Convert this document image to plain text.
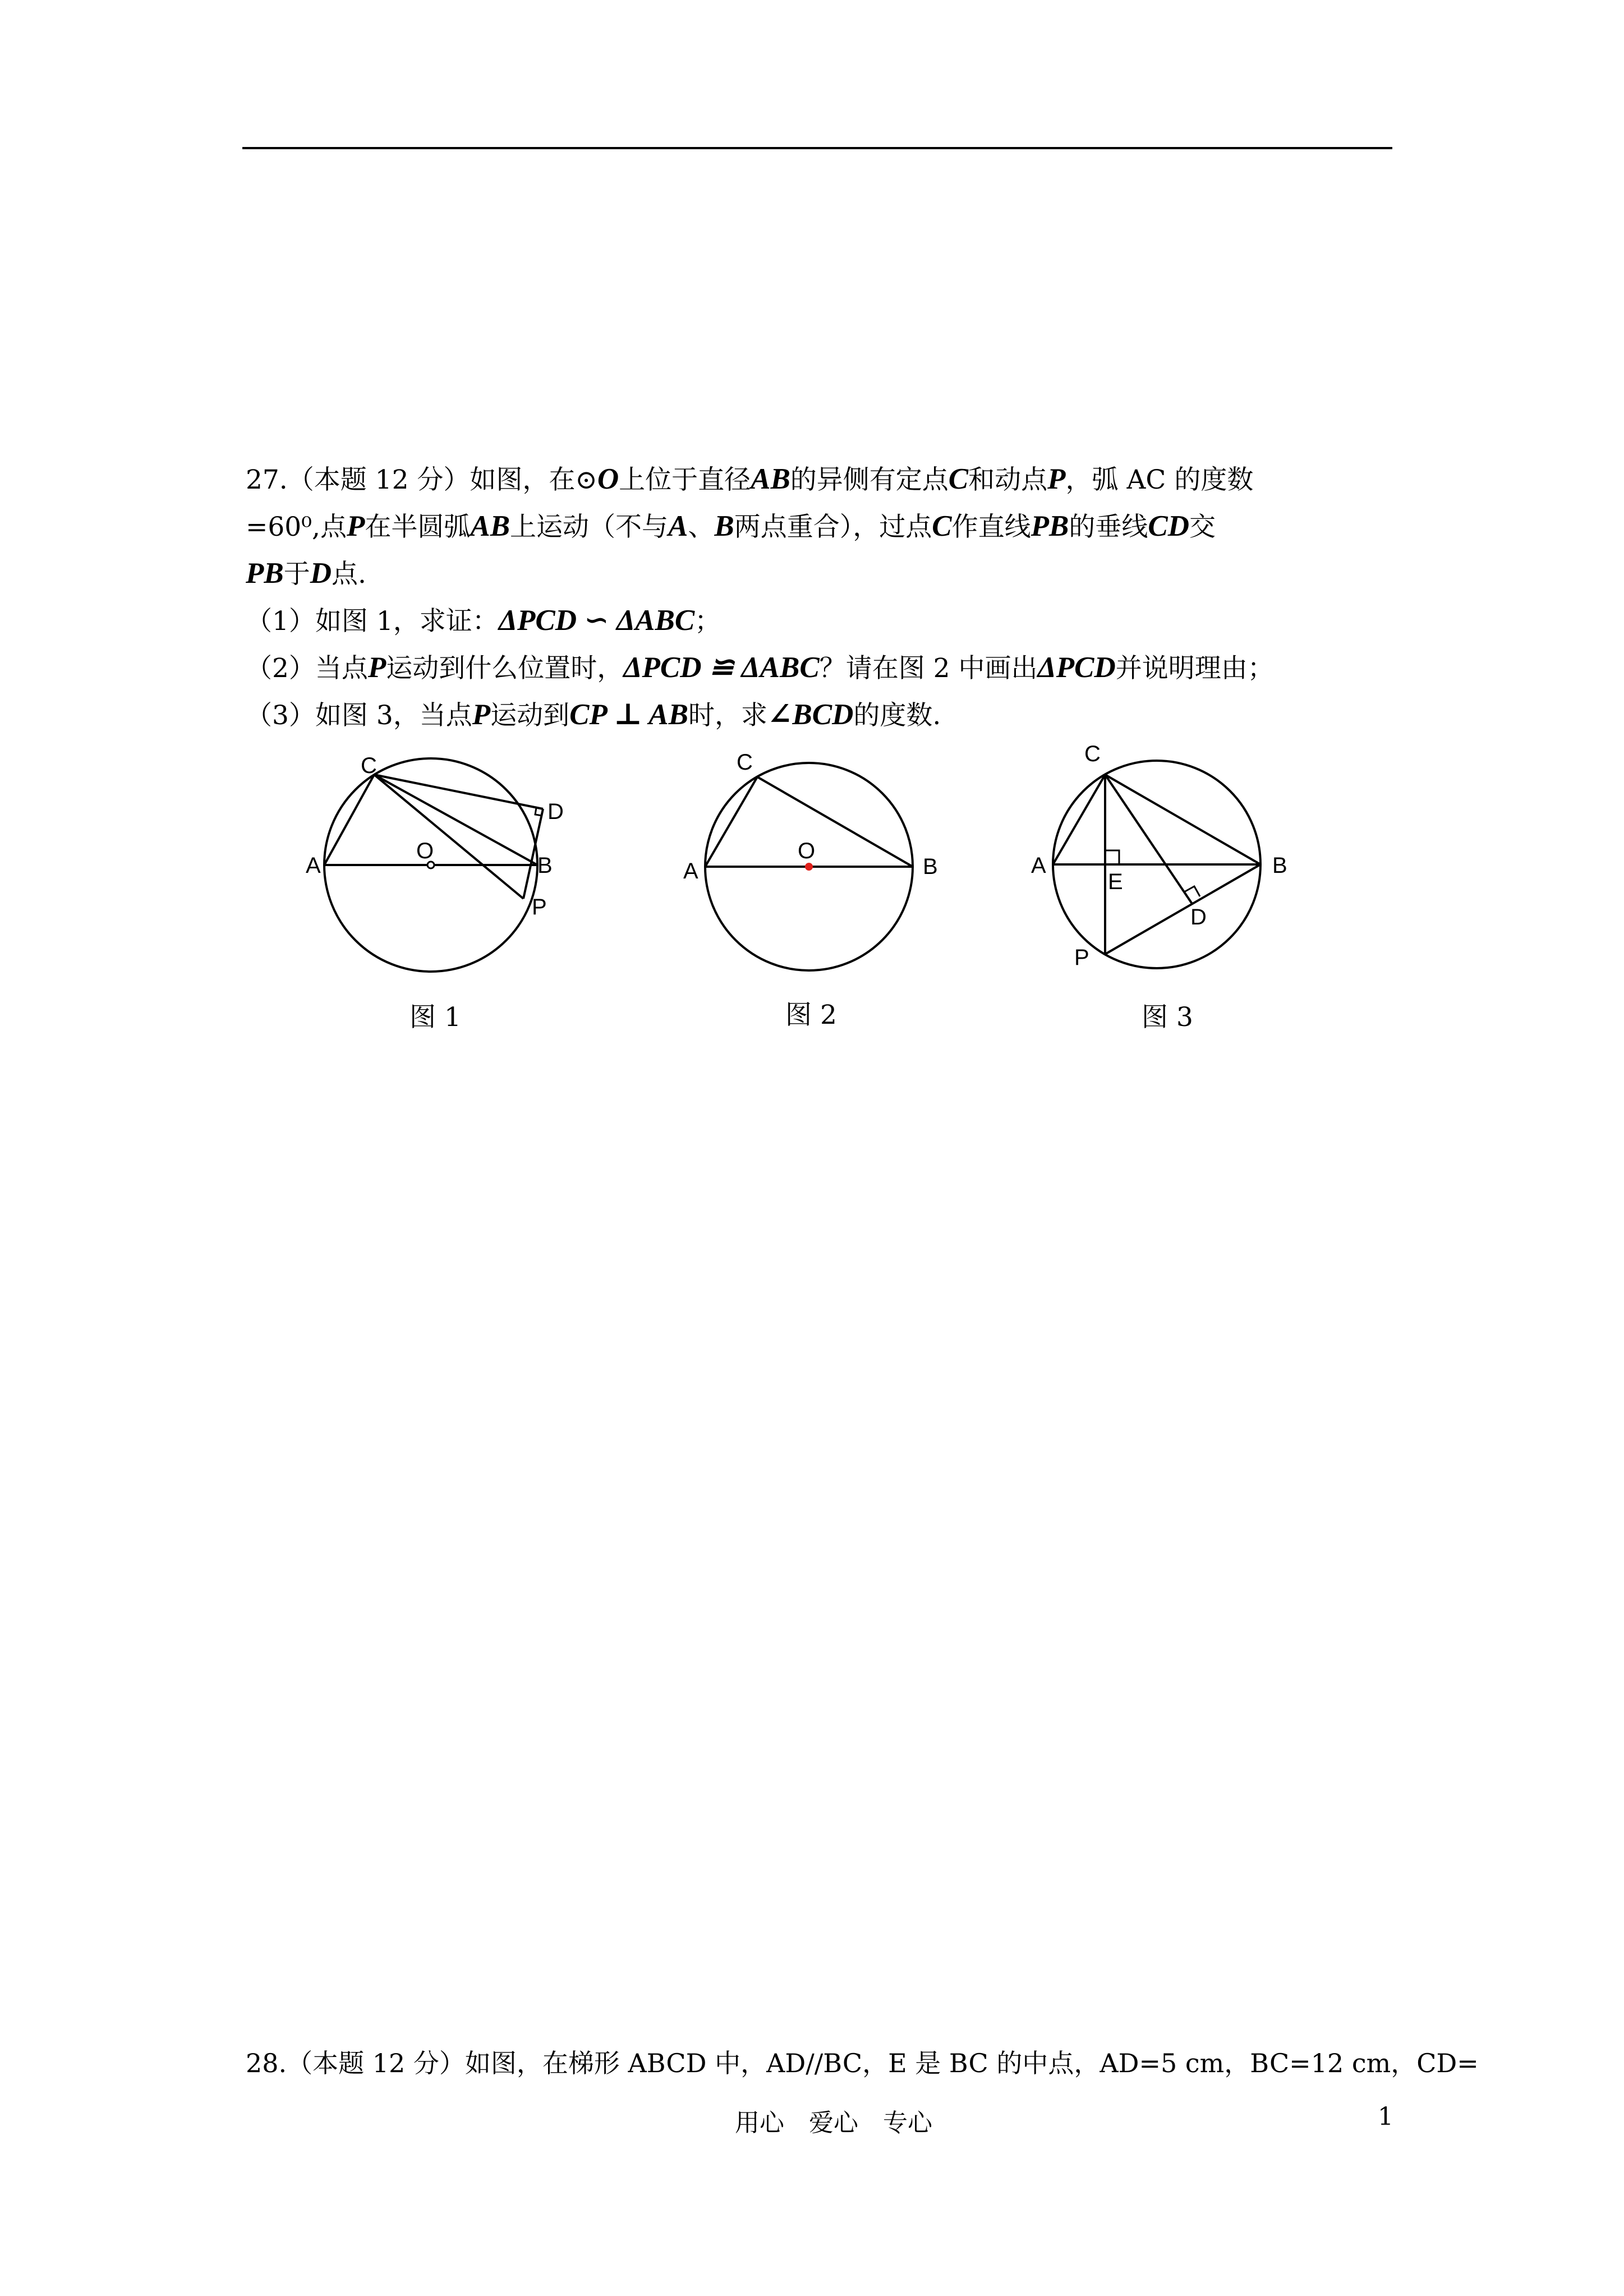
27.（本题 12 分）如图，在⊙O上位于直径AB的异侧有定点C和动点P，弧 AC 的度数
=60⁰,点P在半圆弧AB上运动（不与A、B两点重合），过点C作直线PB的垂线CD交
PB于D点.
（1）如图 1，求证：ΔPCD ∽ ΔABC；
（2）当点P运动到什么位置时，ΔPCD ≌ ΔABC？请在图 2 中画出ΔPCD并说明理由；
（3）如图 3，当点P运动到CP ⊥ AB时，求∠BCD的度数.
C
D
A
O
B
P
图 1
C
O
A	B
图 2
C
A	B
E
D
P
图 3
28.（本题 12 分）如图，在梯形 ABCD 中，AD//BC，E 是 BC 的中点，AD=5 cm，BC=12 cm，CD=
用心　爱心　专心	1
